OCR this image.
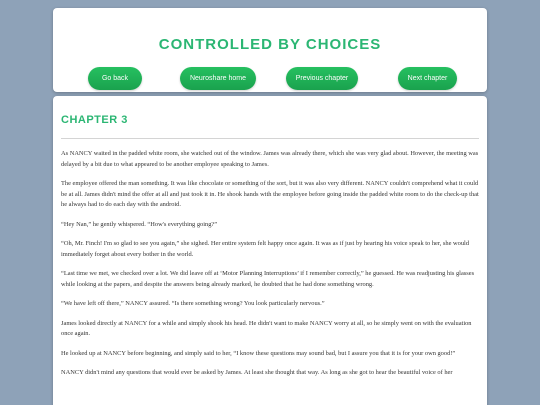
CONTROLLED BY CHOICES
Go back	Neuroshare home	Previous chapter	Next chapter
CHAPTER 3

As NANCY waited in the padded white room, she watched out of the window. James was already there, which she was very glad about. However, the meeting was delayed by a bit due to what appeared to be another employee speaking to James.

The employee offered the man something. It was like chocolate or something of the sort, but it was also very different. NANCY couldn't comprehend what it could be at all. James didn't mind the offer at all and just took it in. He shook hands with the employee before going inside the padded white room to do the check-up that he always had to do each day with the android.

“Hey Nan,” he gently whispered. “How's everything going?”

“Oh, Mr. Finch! I'm so glad to see you again,” she sighed. Her entire system felt happy once again. It was as if just by hearing his voice speak to her, she would immediately forget about every bother in the world.

“Last time we met, we checked over a lot. We did leave off at ‘Motor Planning Interruptions’ if I remember correctly,” he guessed. He was readjusting his glasses while looking at the papers, and despite the answers being already marked, he doubted that he had done something wrong.

“We have left off there,” NANCY assured. “Is there something wrong? You look particularly nervous.”

James looked directly at NANCY for a while and simply shook his head. He didn't want to make NANCY worry at all, so he simply went on with the evaluation once again.

He looked up at NANCY before beginning, and simply said to her, “I know these questions may sound bad, but I assure you that it is for your own good!”

NANCY didn't mind any questions that would ever be asked by James. At least she thought that way. As long as she got to hear the beautiful voice of her
